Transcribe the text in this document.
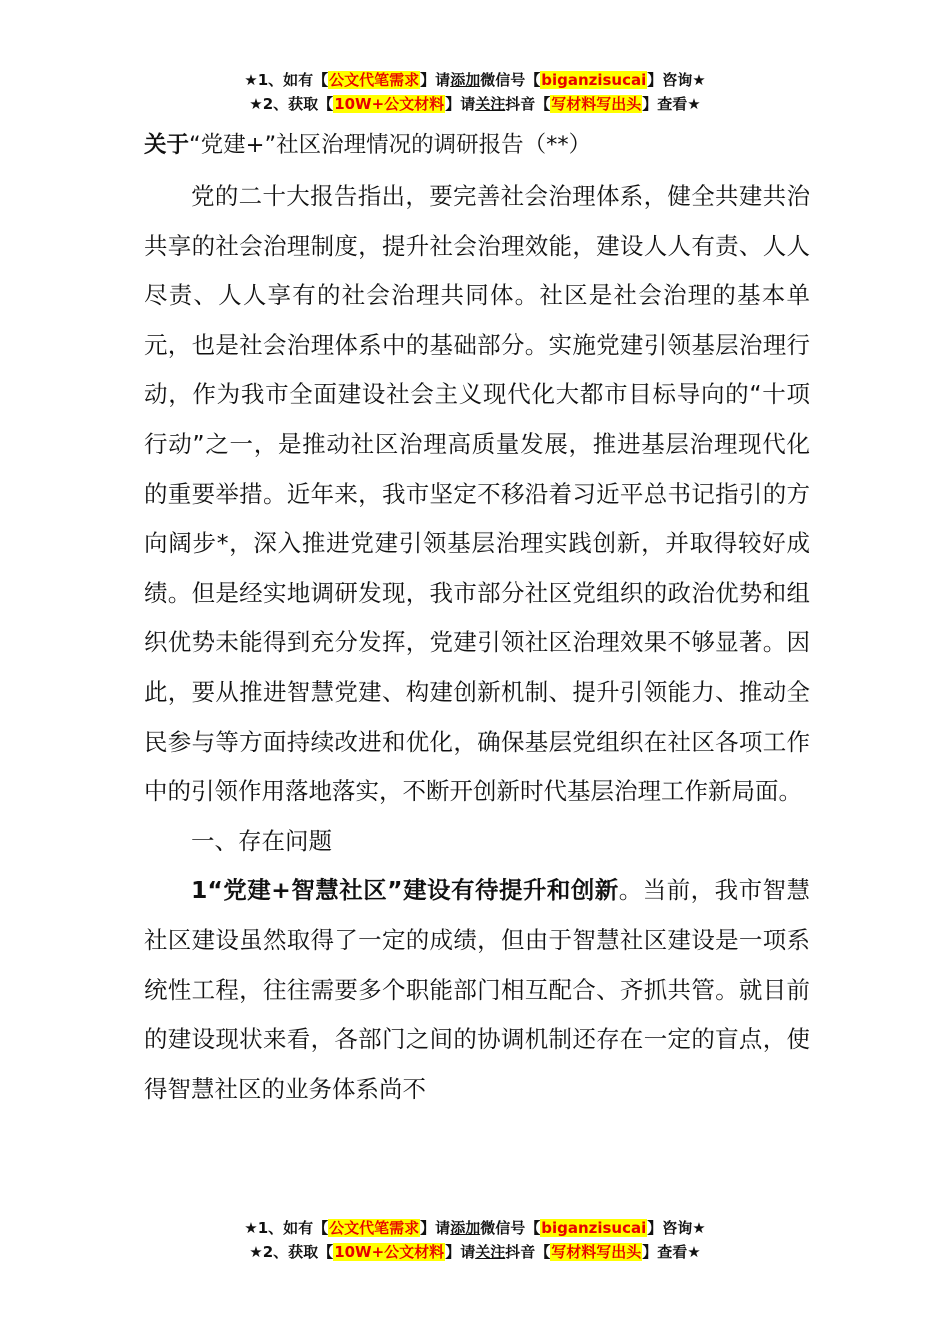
★1、如有【公文代笔需求】请添加微信号【biganzisucai】咨询★
★2、获取【10W+公文材料】请关注抖音【写材料写出头】查看★
关于“党建+”社区治理情况的调研报告（**）

党的二十大报告指出，要完善社会治理体系，健全共建共治共享的社会治理制度，提升社会治理效能，建设人人有责、人人尽责、人人享有的社会治理共同体。社区是社会治理的基本单元，也是社会治理体系中的基础部分。实施党建引领基层治理行动，作为我市全面建设社会主义现代化大都市目标导向的“十项行动”之一，是推动社区治理高质量发展，推进基层治理现代化的重要举措。近年来，我市坚定不移沿着习近平总书记指引的方向阔步*，深入推进党建引领基层治理实践创新，并取得较好成绩。但是经实地调研发现，我市部分社区党组织的政治优势和组织优势未能得到充分发挥，党建引领社区治理效果不够显著。因此，要从推进智慧党建、构建创新机制、提升引领能力、推动全民参与等方面持续改进和优化，确保基层党组织在社区各项工作中的引领作用落地落实，不断开创新时代基层治理工作新局面。

一、存在问题

1“党建+智慧社区”建设有待提升和创新。当前，我市智慧社区建设虽然取得了一定的成绩，但由于智慧社区建设是一项系统性工程，往往需要多个职能部门相互配合、齐抓共管。就目前的建设现状来看，各部门之间的协调机制还存在一定的盲点，使得智慧社区的业务体系尚不

★1、如有【公文代笔需求】请添加微信号【biganzisucai】咨询★
★2、获取【10W+公文材料】请关注抖音【写材料写出头】查看★
